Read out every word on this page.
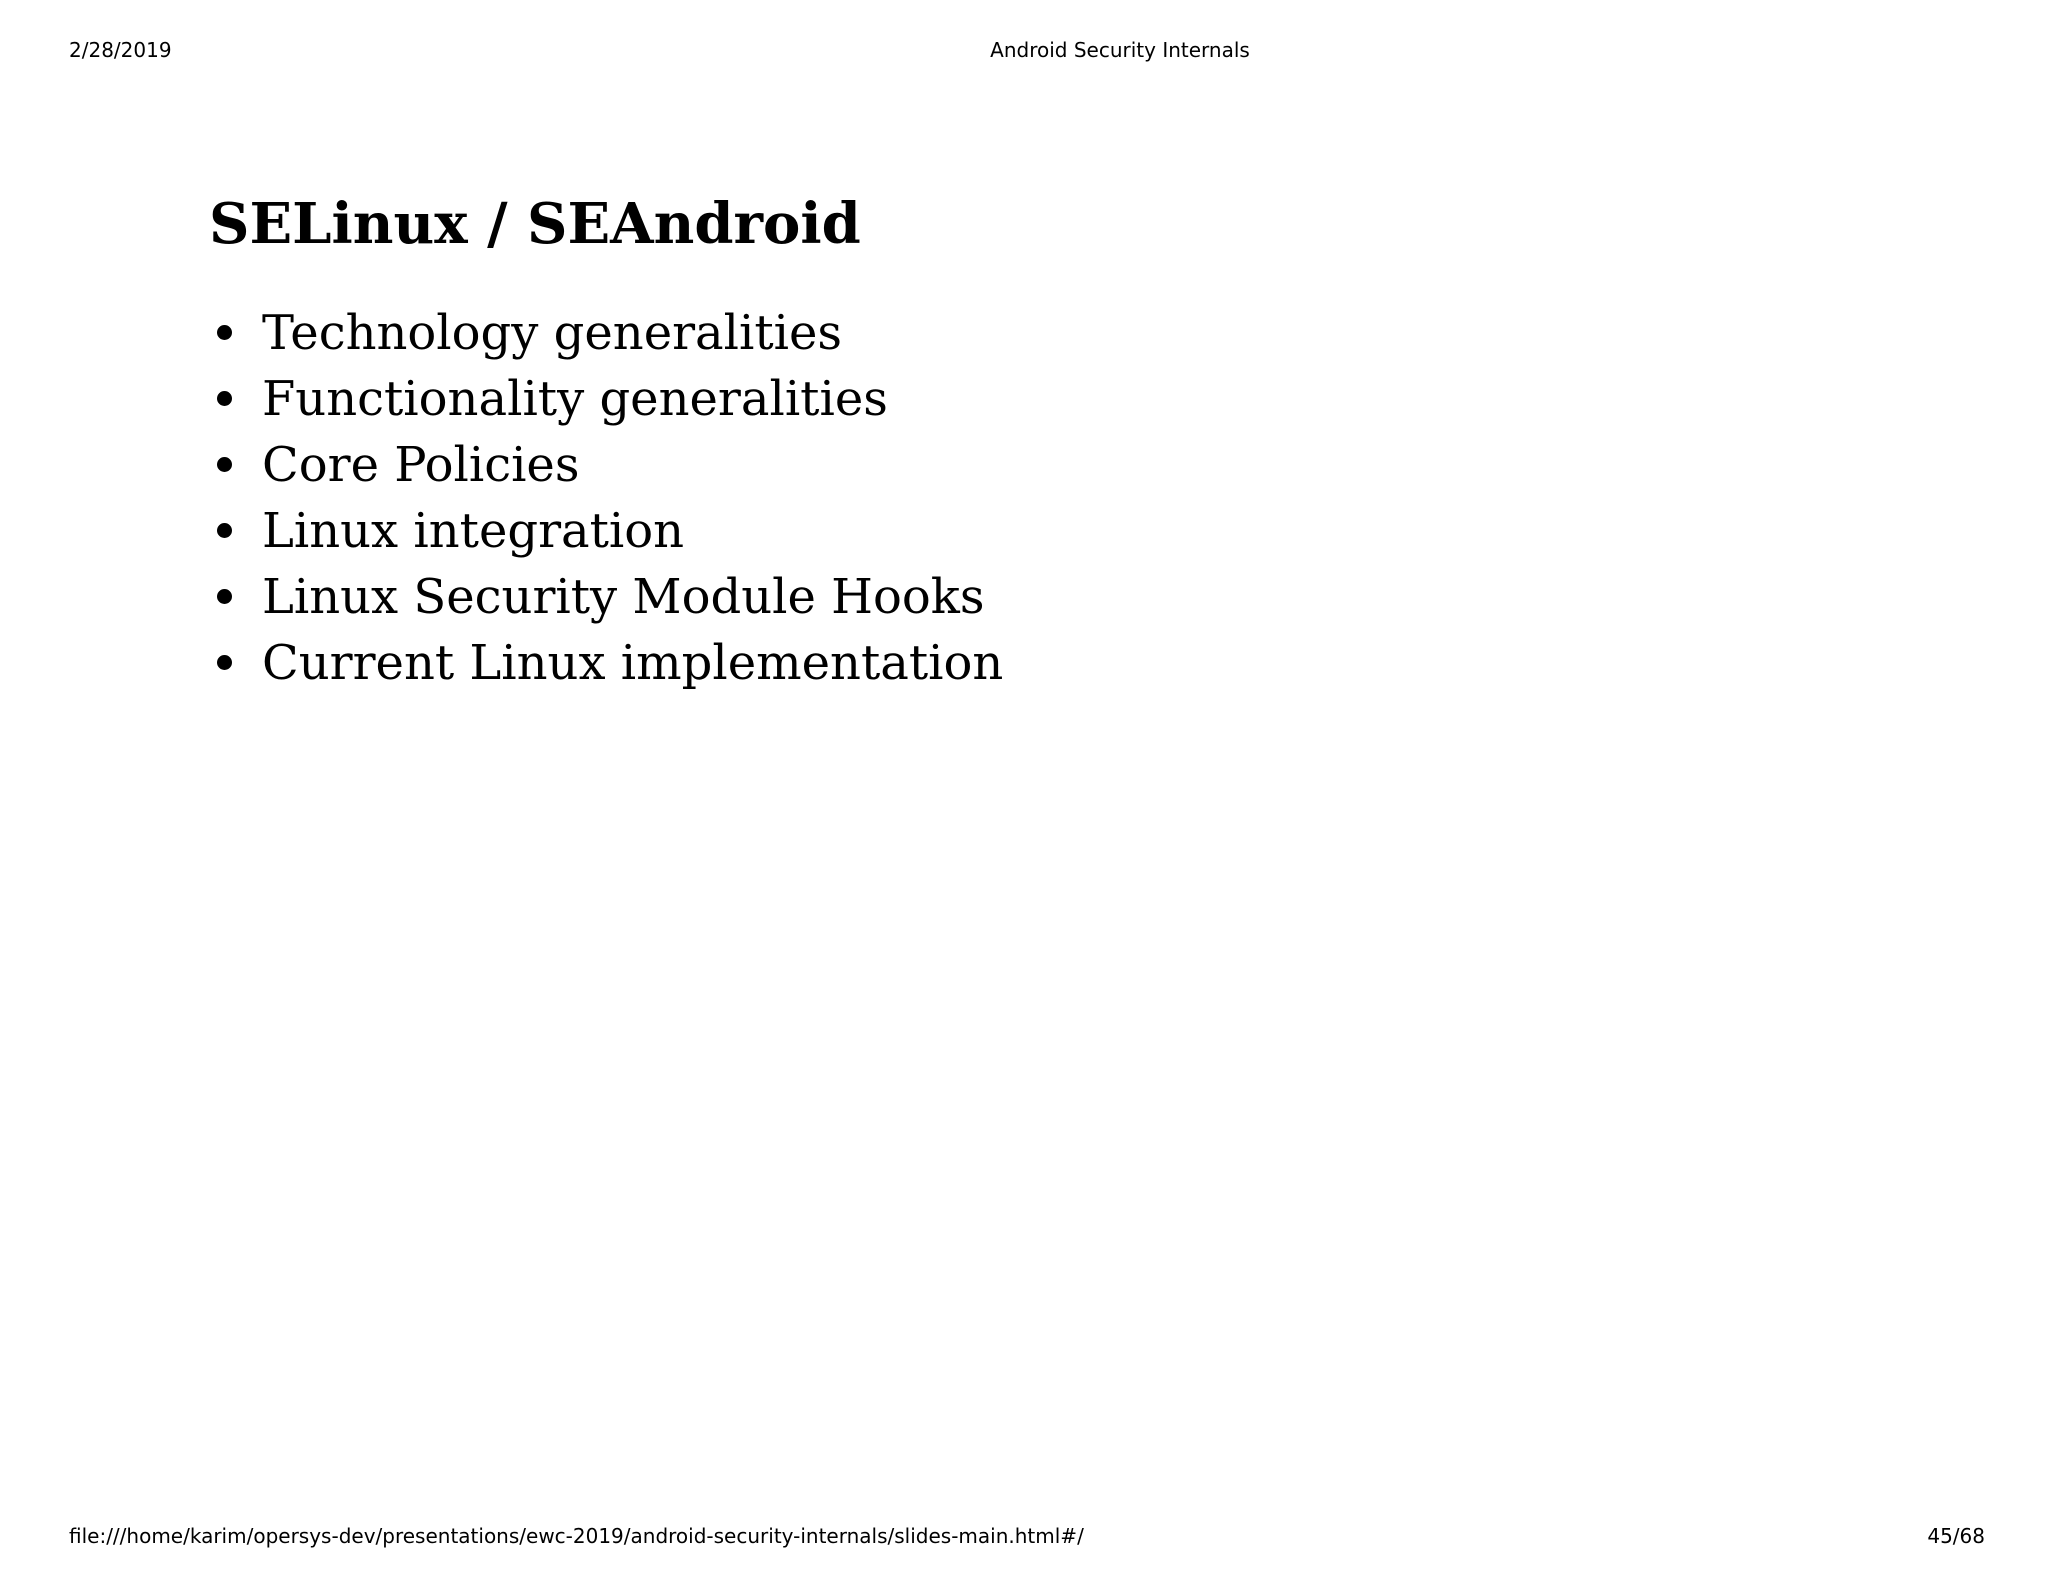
2/28/2019	Android Security Internals
SELinux / SEAndroid
Technology generalities
Functionality generalities
Core Policies
Linux integration
Linux Security Module Hooks
Current Linux implementation
file:///home/karim/opersys-dev/presentations/ewc-2019/android-security-internals/slides-main.html#/	45/68
